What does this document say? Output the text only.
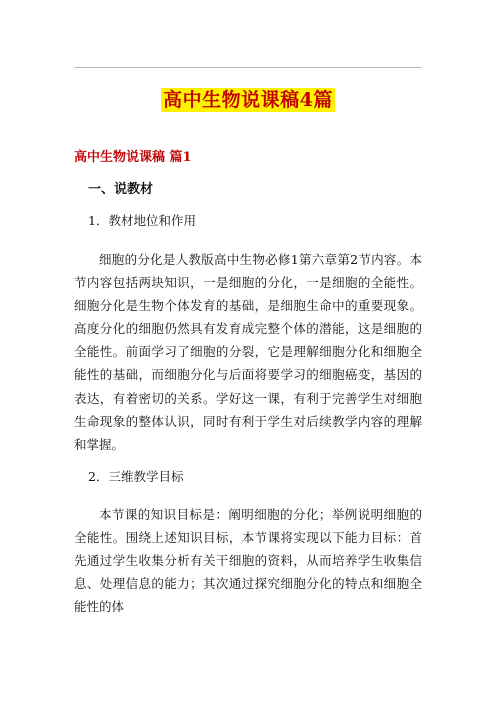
高中生物说课稿4篇
高中生物说课稿 篇1
一、说教材
1．教材地位和作用

细胞的分化是人教版高中生物必修1第六章第2节内容。本节内容包括两块知识，一是细胞的分化，一是细胞的全能性。细胞分化是生物个体发育的基础，是细胞生命中的重要现象。高度分化的细胞仍然具有发育成完整个体的潜能，这是细胞的全能性。前面学习了细胞的分裂，它是理解细胞分化和细胞全能性的基础，而细胞分化与后面将要学习的细胞癌变，基因的表达，有着密切的关系。学好这一课，有利于完善学生对细胞生命现象的整体认识，同时有利于学生对后续教学内容的理解和掌握。

2．三维教学目标

本节课的知识目标是：阐明细胞的分化；举例说明细胞的全能性。围绕上述知识目标，本节课将实现以下能力目标：首先通过学生收集分析有关干细胞的资料，从而培养学生收集信息、处理信息的能力；其次通过探究细胞分化的特点和细胞全能性的体
